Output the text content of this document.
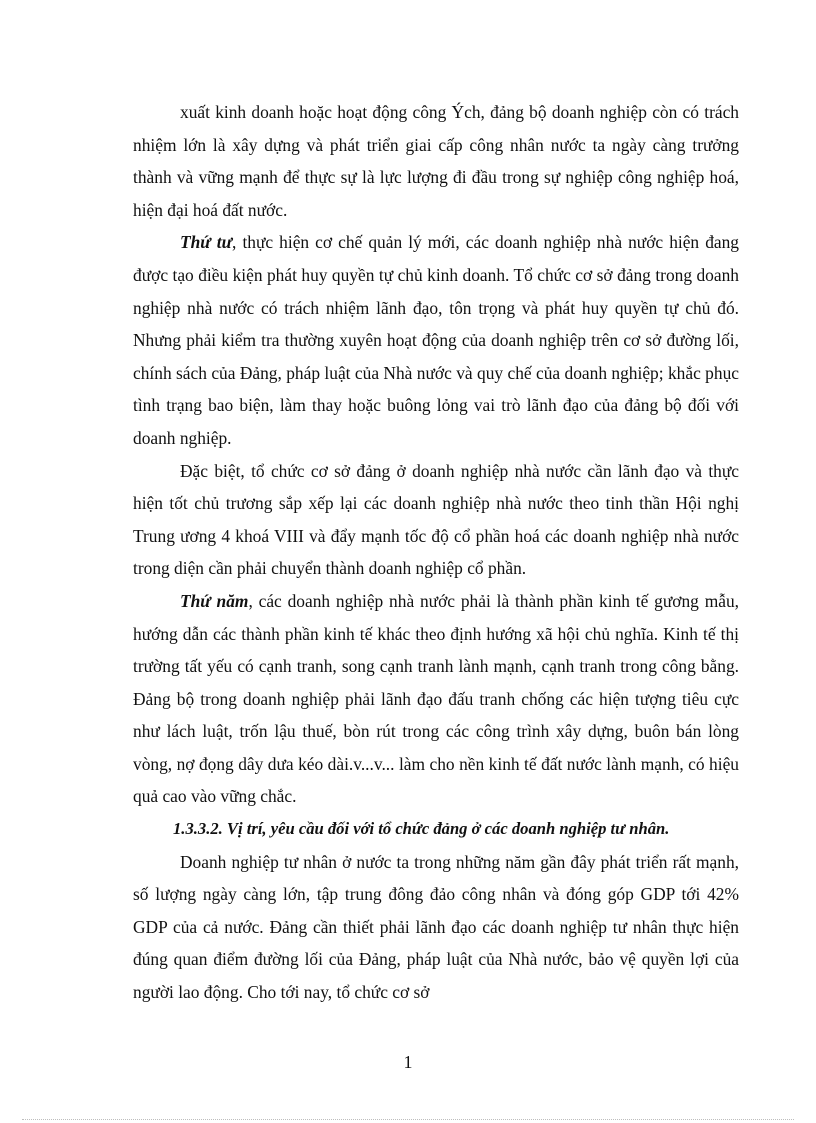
xuất kinh doanh hoặc hoạt động công Ých, đảng bộ doanh nghiệp còn có trách nhiệm lớn là xây dựng và phát triển giai cấp công nhân nước ta ngày càng trưởng thành và vững mạnh để thực sự là lực lượng đi đầu trong sự nghiệp công nghiệp hoá, hiện đại hoá đất nước.

Thứ tư, thực hiện cơ chế quản lý mới, các doanh nghiệp nhà nước hiện đang được tạo điều kiện phát huy quyền tự chủ kinh doanh. Tổ chức cơ sở đảng trong doanh nghiệp nhà nước có trách nhiệm lãnh đạo, tôn trọng và phát huy quyền tự chủ đó. Nhưng phải kiểm tra thường xuyên hoạt động của doanh nghiệp trên cơ sở đường lối, chính sách của Đảng, pháp luật của Nhà nước và quy chế của doanh nghiệp; khắc phục tình trạng bao biện, làm thay hoặc buông lỏng vai trò lãnh đạo của đảng bộ đối với doanh nghiệp.

Đặc biệt, tổ chức cơ sở đảng ở doanh nghiệp nhà nước cần lãnh đạo và thực hiện tốt chủ trương sắp xếp lại các doanh nghiệp nhà nước theo tinh thần Hội nghị Trung ương 4 khoá VIII và đẩy mạnh tốc độ cổ phần hoá các doanh nghiệp nhà nước trong diện cần phải chuyển thành doanh nghiệp cổ phần.

Thứ năm, các doanh nghiệp nhà nước phải là thành phần kinh tế gương mẫu, hướng dẫn các thành phần kinh tế khác theo định hướng xã hội chủ nghĩa. Kinh tế thị trường tất yếu có cạnh tranh, song cạnh tranh lành mạnh, cạnh tranh trong công bằng. Đảng bộ trong doanh nghiệp phải lãnh đạo đấu tranh chống các hiện tượng tiêu cực như lách luật, trốn lậu thuế, bòn rút trong các công trình xây dựng, buôn bán lòng vòng, nợ đọng dây dưa kéo dài.v...v... làm cho nền kinh tế đất nước lành mạnh, có hiệu quả cao vào vững chắc.

1.3.3.2. Vị trí, yêu cầu đối với tổ chức đảng ở các doanh nghiệp tư nhân.

Doanh nghiệp tư nhân ở nước ta trong những năm gần đây phát triển rất mạnh, số lượng ngày càng lớn, tập trung đông đảo công nhân và đóng góp GDP tới 42% GDP của cả nước. Đảng cần thiết phải lãnh đạo các doanh nghiệp tư nhân thực hiện đúng quan điểm đường lối của Đảng, pháp luật của Nhà nước, bảo vệ quyền lợi của người lao động. Cho tới nay, tổ chức cơ sở

1
